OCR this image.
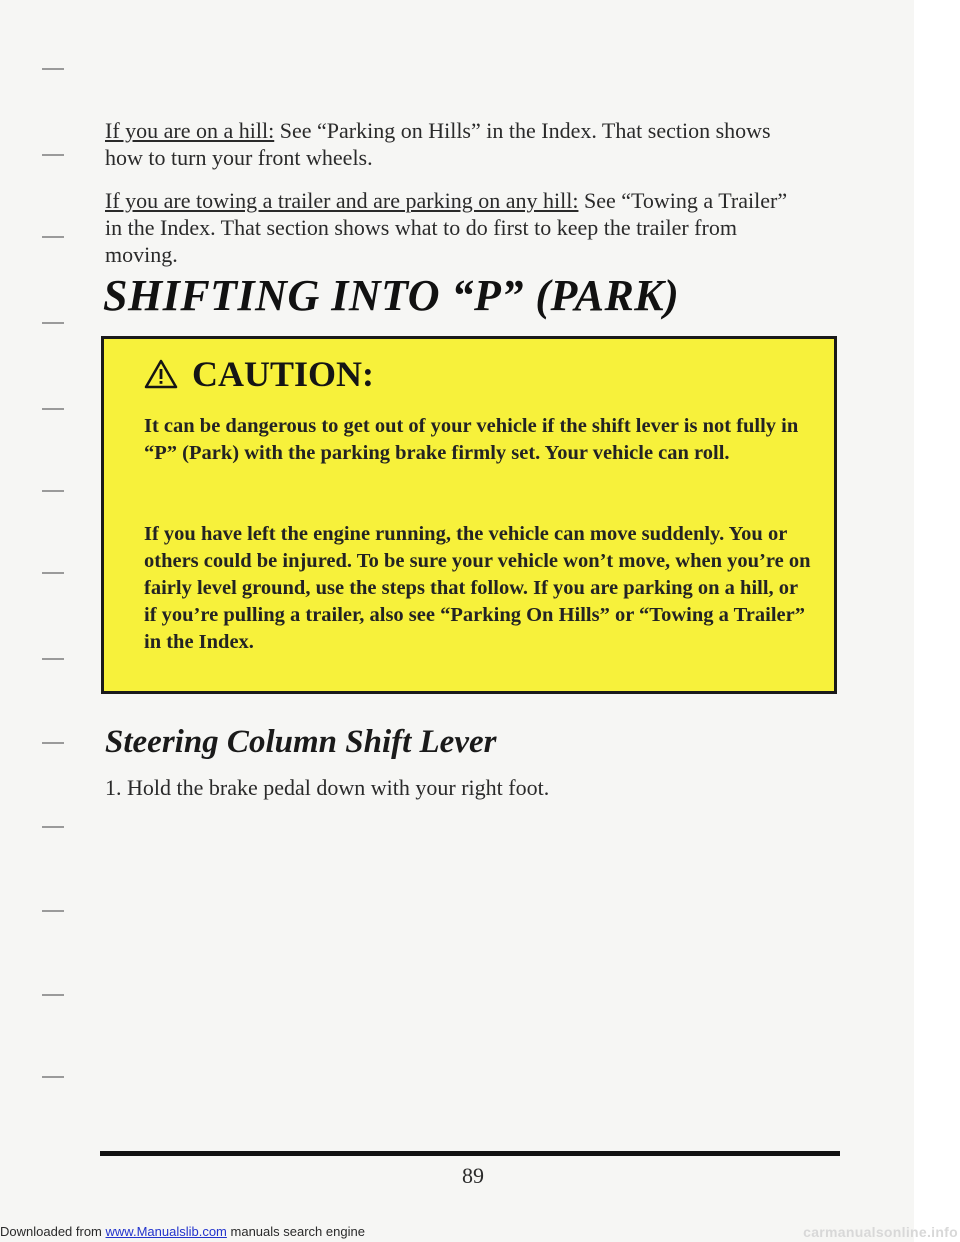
If you are on a hill: See “Parking on Hills” in the Index. That section shows how to turn your front wheels.

If you are towing a trailer and are parking on any hill: See “Towing a Trailer” in the Index. That section shows what to do first to keep the trailer from moving.

SHIFTING INTO “P” (PARK)
CAUTION:

It can be dangerous to get out of your vehicle if the shift lever is not fully in “P” (Park) with the parking brake firmly set. Your vehicle can roll.

If you have left the engine running, the vehicle can move suddenly. You or others could be injured. To be sure your vehicle won’t move, when you’re on fairly level ground, use the steps that follow. If you are parking on a hill, or if you’re pulling a trailer, also see “Parking On Hills” or “Towing a Trailer” in the Index.

Steering Column Shift Lever

1. Hold the brake pedal down with your right foot.

89
Downloaded from www.Manualslib.com manuals search engine	carmanualsonline.info
